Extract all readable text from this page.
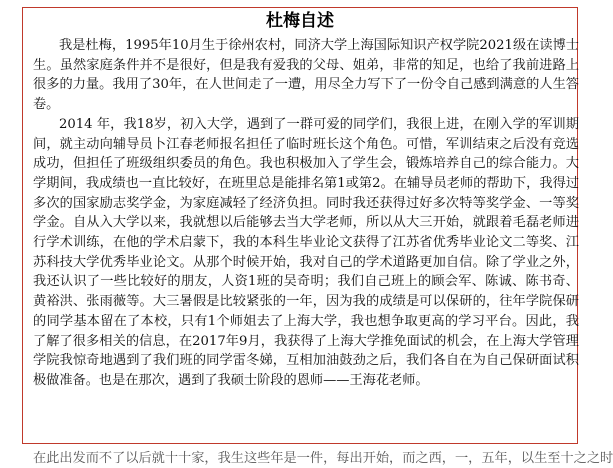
杜梅自述

我是杜梅，1995年10月生于徐州农村，同济大学上海国际知识产权学院2021级在读博士生。虽然家庭条件并不是很好，但是我有爱我的父母、姐弟，非常的知足，也给了我前进路上很多的力量。我用了30年，在人世间走了一遭，用尽全力写下了一份令自己感到满意的人生答卷。

2014 年，我18岁，初入大学，遇到了一群可爱的同学们，我很上进，在刚入学的军训期间，就主动向辅导员卜江春老师报名担任了临时班长这个角色。可惜，军训结束之后没有竞选成功，但担任了班级组织委员的角色。我也积极加入了学生会，锻炼培养自己的综合能力。大学期间，我成绩也一直比较好，在班里总是能排名第1或第2。在辅导员老师的帮助下，我得过多次的国家励志奖学金，为家庭减轻了经济负担。同时我还获得过好多次特等奖学金、一等奖学金。自从入大学以来，我就想以后能够去当大学老师，所以从大三开始，就跟着毛磊老师进行学术训练，在他的学术启蒙下，我的本科生毕业论文获得了江苏省优秀毕业论文二等奖、江苏科技大学优秀毕业论文。从那个时候开始，我对自己的学术道路更加自信。除了学业之外，我还认识了一些比较好的朋友，人资1班的吴奇明；我们自己班上的顾会军、陈诚、陈书奇、黄裕洪、张雨薇等。大三暑假是比较紧张的一年，因为我的成绩是可以保研的，往年学院保研的同学基本留在了本校，只有1个师姐去了上海大学，我也想争取更高的学习平台。因此，我了解了很多相关的信息，在2017年9月，我获得了上海大学推免面试的机会，在上海大学管理学院我惊奇地遇到了我们班的同学雷冬娣，互相加油鼓劲之后，我们各自在为自己保研面试积极做准备。也是在那次，遇到了我硕士阶段的恩师——王海花老师。

在此出发而不了以后就十十家，我生这些年是一件，每出开始，而之西，一，五年，以生至十之之时
